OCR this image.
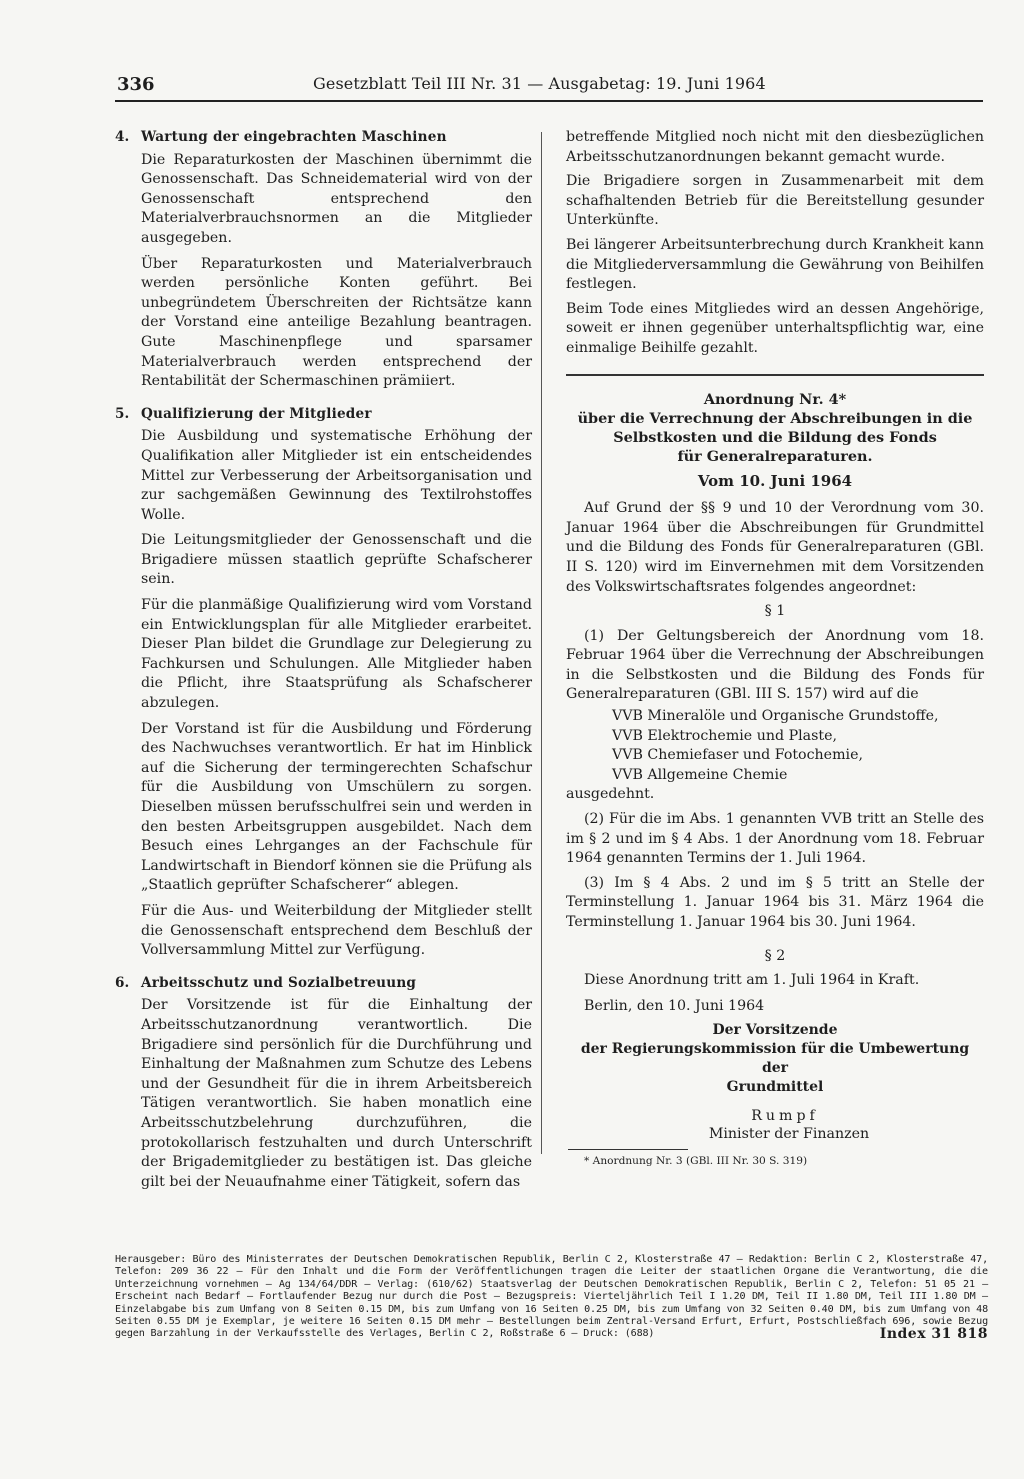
336	Gesetzblatt Teil III Nr. 31 — Ausgabetag: 19. Juni 1964
4. Wartung der eingebrachten Maschinen

Die Reparaturkosten der Maschinen übernimmt die Genossenschaft. Das Schneidematerial wird von der Genossenschaft entsprechend den Materialverbrauchsnormen an die Mitglieder ausgegeben.

Über Reparaturkosten und Materialverbrauch werden persönliche Konten geführt. Bei unbegründetem Überschreiten der Richtsätze kann der Vorstand eine anteilige Bezahlung beantragen. Gute Maschinenpflege und sparsamer Materialverbrauch werden entsprechend der Rentabilität der Schermaschinen prämiiert.

5. Qualifizierung der Mitglieder

Die Ausbildung und systematische Erhöhung der Qualifikation aller Mitglieder ist ein entscheidendes Mittel zur Verbesserung der Arbeitsorganisation und zur sachgemäßen Gewinnung des Textilrohstoffes Wolle.

Die Leitungsmitglieder der Genossenschaft und die Brigadiere müssen staatlich geprüfte Schafscherer sein.

Für die planmäßige Qualifizierung wird vom Vorstand ein Entwicklungsplan für alle Mitglieder erarbeitet. Dieser Plan bildet die Grundlage zur Delegierung zu Fachkursen und Schulungen. Alle Mitglieder haben die Pflicht, ihre Staatsprüfung als Schafscherer abzulegen.

Der Vorstand ist für die Ausbildung und Förderung des Nachwuchses verantwortlich. Er hat im Hinblick auf die Sicherung der termingerechten Schafschur für die Ausbildung von Umschülern zu sorgen. Dieselben müssen berufsschulfrei sein und werden in den besten Arbeitsgruppen ausgebildet. Nach dem Besuch eines Lehrganges an der Fachschule für Landwirtschaft in Biendorf können sie die Prüfung als „Staatlich geprüfter Schafscherer“ ablegen.

Für die Aus- und Weiterbildung der Mitglieder stellt die Genossenschaft entsprechend dem Beschluß der Vollversammlung Mittel zur Verfügung.

6. Arbeitsschutz und Sozialbetreuung

Der Vorsitzende ist für die Einhaltung der Arbeitsschutzanordnung verantwortlich. Die Brigadiere sind persönlich für die Durchführung und Einhaltung der Maßnahmen zum Schutze des Lebens und der Gesundheit für die in ihrem Arbeitsbereich Tätigen verantwortlich. Sie haben monatlich eine Arbeitsschutzbelehrung durchzuführen, die protokollarisch festzuhalten und durch Unterschrift der Brigademitglieder zu bestätigen ist. Das gleiche gilt bei der Neuaufnahme einer Tätigkeit, sofern das

betreffende Mitglied noch nicht mit den diesbezüglichen Arbeitsschutzanordnungen bekannt gemacht wurde.

Die Brigadiere sorgen in Zusammenarbeit mit dem schafhaltenden Betrieb für die Bereitstellung gesunder Unterkünfte.

Bei längerer Arbeitsunterbrechung durch Krankheit kann die Mitgliederversammlung die Gewährung von Beihilfen festlegen.

Beim Tode eines Mitgliedes wird an dessen Angehörige, soweit er ihnen gegenüber unterhaltspflichtig war, eine einmalige Beihilfe gezahlt.

Anordnung Nr. 4*
über die Verrechnung der Abschreibungen in die
Selbstkosten und die Bildung des Fonds
für Generalreparaturen.
Vom 10. Juni 1964

Auf Grund der §§ 9 und 10 der Verordnung vom 30. Januar 1964 über die Abschreibungen für Grundmittel und die Bildung des Fonds für Generalreparaturen (GBl. II S. 120) wird im Einvernehmen mit dem Vorsitzenden des Volkswirtschaftsrates folgendes angeordnet:

§ 1

(1) Der Geltungsbereich der Anordnung vom 18. Februar 1964 über die Verrechnung der Abschreibungen in die Selbstkosten und die Bildung des Fonds für Generalreparaturen (GBl. III S. 157) wird auf die

VVB Mineralöle und Organische Grundstoffe,
VVB Elektrochemie und Plaste,
VVB Chemiefaser und Fotochemie,
VVB Allgemeine Chemie

ausgedehnt.

(2) Für die im Abs. 1 genannten VVB tritt an Stelle des im § 2 und im § 4 Abs. 1 der Anordnung vom 18. Februar 1964 genannten Termins der 1. Juli 1964.

(3) Im § 4 Abs. 2 und im § 5 tritt an Stelle der Terminstellung 1. Januar 1964 bis 31. März 1964 die Terminstellung 1. Januar 1964 bis 30. Juni 1964.

§ 2

Diese Anordnung tritt am 1. Juli 1964 in Kraft.

Berlin, den 10. Juni 1964

Der Vorsitzende
der Regierungskommission für die Umbewertung der
Grundmittel
Rumpf
Minister der Finanzen
* Anordnung Nr. 3 (GBl. III Nr. 30 S. 319)
Herausgeber: Büro des Ministerrates der Deutschen Demokratischen Republik, Berlin C 2, Klosterstraße 47 — Redaktion: Berlin C 2, Klosterstraße 47, Telefon: 209 36 22 — Für den Inhalt und die Form der Veröffentlichungen tragen die Leiter der staatlichen Organe die Verantwortung, die die Unterzeichnung vornehmen — Ag 134/64/DDR — Verlag: (610/62) Staatsverlag der Deutschen Demokratischen Republik, Berlin C 2, Telefon: 51 05 21 — Erscheint nach Bedarf — Fortlaufender Bezug nur durch die Post — Bezugspreis: Vierteljährlich Teil I 1.20 DM, Teil II 1.80 DM, Teil III 1.80 DM — Einzelabgabe bis zum Umfang von 8 Seiten 0.15 DM, bis zum Umfang von 16 Seiten 0.25 DM, bis zum Umfang von 32 Seiten 0.40 DM, bis zum Umfang von 48 Seiten 0.55 DM je Exemplar, je weitere 16 Seiten 0.15 DM mehr — Bestellungen beim Zentral-Versand Erfurt, Erfurt, Postschließfach 696, sowie Bezug gegen Barzahlung in der Verkaufsstelle des Verlages, Berlin C 2, Roßstraße 6 — Druck: (688)	Index 31 818
